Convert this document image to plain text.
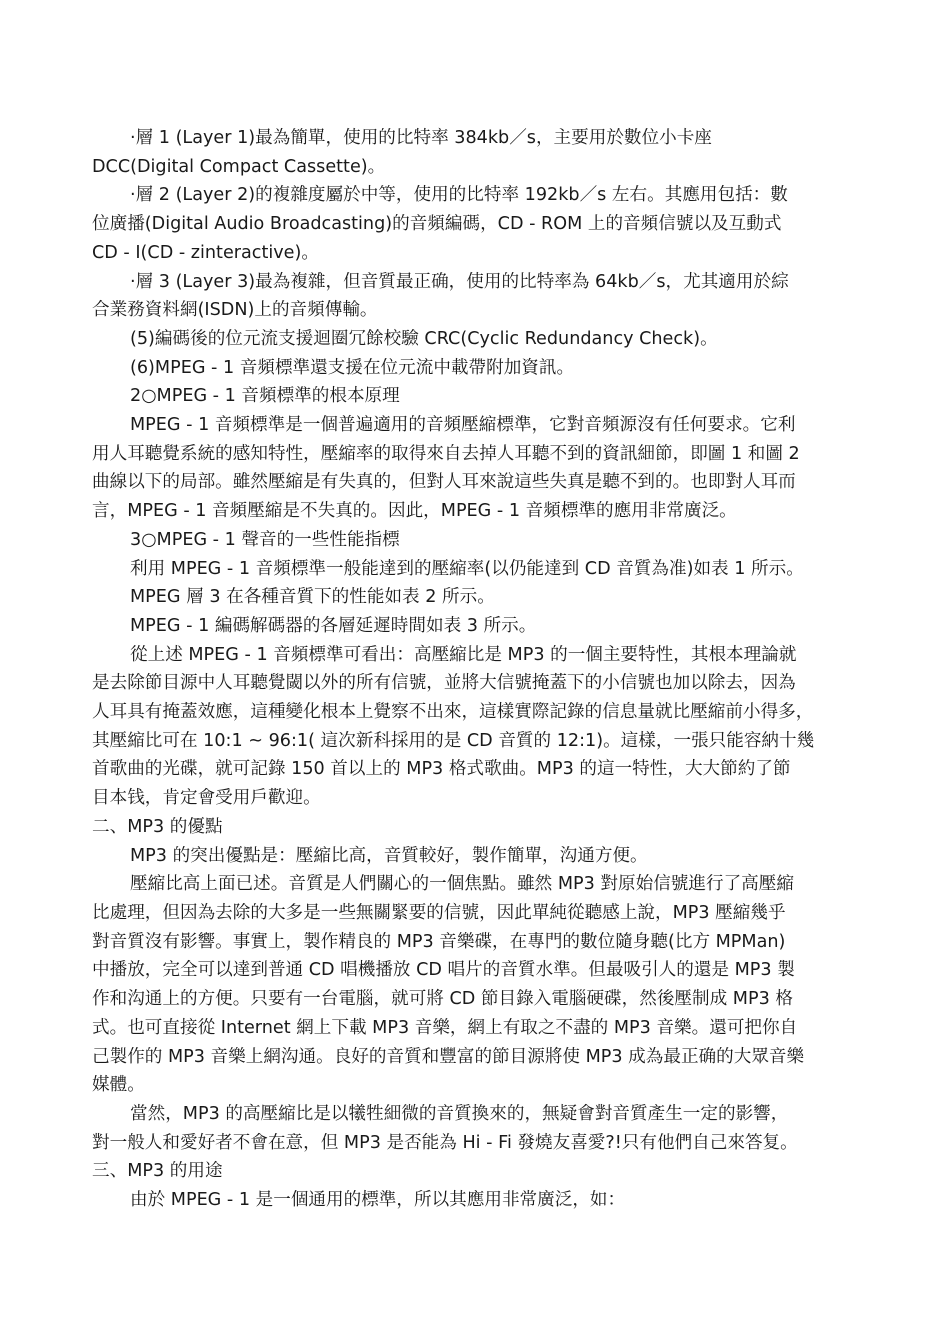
·層 1 (Layer 1)最為簡單，使用的比特率 384kb／s，主要用於數位小卡座

DCC(Digital Compact Cassette)。

·層 2 (Layer 2)的複雜度屬於中等，使用的比特率 192kb／s 左右。其應用包括：數

位廣播(Digital Audio Broadcasting)的音頻編碼，CD - ROM 上的音頻信號以及互動式

CD - I(CD - zinteractive)。

·層 3 (Layer 3)最為複雜，但音質最正确，使用的比特率為 64kb／s，尤其適用於綜

合業務資料網(ISDN)上的音頻傳輸。

(5)編碼後的位元流支援迴圈冗餘校驗 CRC(Cyclic Redundancy Check)。

(6)MPEG - 1 音頻標準還支援在位元流中載帶附加資訊。

2○MPEG - 1 音頻標準的根本原理

MPEG - 1 音頻標準是一個普遍適用的音頻壓縮標準，它對音頻源沒有任何要求。它利

用人耳聽覺系統的感知特性，壓縮率的取得來自去掉人耳聽不到的資訊細節，即圖 1 和圖 2

曲線以下的局部。雖然壓縮是有失真的，但對人耳來說這些失真是聽不到的。也即對人耳而

言，MPEG - 1 音頻壓縮是不失真的。因此，MPEG - 1 音頻標準的應用非常廣泛。

3○MPEG - 1 聲音的一些性能指標

利用 MPEG - 1 音頻標準一般能達到的壓縮率(以仍能達到 CD 音質為准)如表 1 所示。

MPEG 層 3 在各種音質下的性能如表 2 所示。

MPEG - 1 編碼解碼器的各層延遲時間如表 3 所示。

從上述 MPEG - 1 音頻標準可看出：高壓縮比是 MP3 的一個主要特性，其根本理論就

是去除節目源中人耳聽覺閾以外的所有信號，並將大信號掩蓋下的小信號也加以除去，因為

人耳具有掩蓋效應，這種變化根本上覺察不出來，這樣實際記錄的信息量就比壓縮前小得多，

其壓縮比可在 10:1 ~ 96:1( 這次新科採用的是 CD 音質的 12:1)。這樣，一張只能容納十幾

首歌曲的光碟，就可記錄 150 首以上的 MP3 格式歌曲。MP3 的這一特性，大大節約了節

目本钱，肯定會受用戶歡迎。

二、MP3 的優點

MP3 的突出優點是：壓縮比高，音質較好，製作簡單，沟通方便。

壓縮比高上面已述。音質是人們關心的一個焦點。雖然 MP3 對原始信號進行了高壓縮

比處理，但因為去除的大多是一些無關緊要的信號，因此單純從聽感上說，MP3 壓縮幾乎

對音質沒有影響。事實上，製作精良的 MP3 音樂碟，在專門的數位隨身聽(比方 MPMan)

中播放，完全可以達到普通 CD 唱機播放 CD 唱片的音質水準。但最吸引人的還是 MP3 製

作和沟通上的方便。只要有一台電腦，就可將 CD 節目錄入電腦硬碟，然後壓制成 MP3 格

式。也可直接從 Internet 網上下載 MP3 音樂，網上有取之不盡的 MP3 音樂。還可把你自

己製作的 MP3 音樂上網沟通。良好的音質和豐富的節目源將使 MP3 成為最正确的大眾音樂

媒體。

當然，MP3 的高壓縮比是以犧牲細微的音質換來的，無疑會對音質產生一定的影響，

對一般人和愛好者不會在意，但 MP3 是否能為 Hi - Fi 發燒友喜愛?!只有他們自己來答复。

三、MP3 的用途

由於 MPEG - 1 是一個通用的標準，所以其應用非常廣泛，如：
